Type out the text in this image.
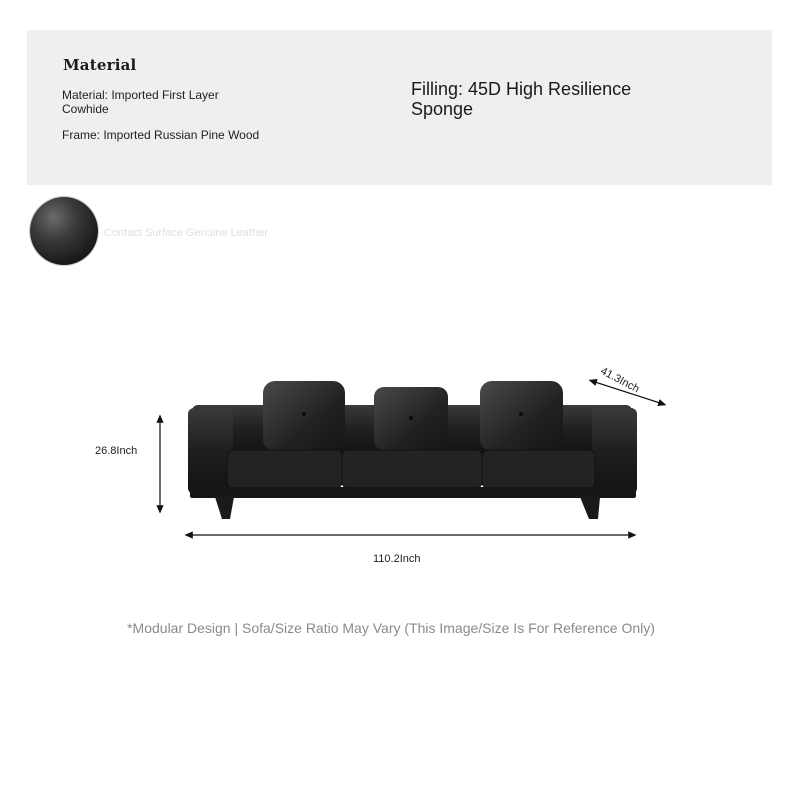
Material
Material: Imported First Layer Cowhide
Frame: Imported Russian Pine Wood
Filling: 45D High Resilience Sponge
Contact Surface Genuine Leather
26.8Inch
110.2Inch
41.3Inch
*Modular Design | Sofa/Size Ratio May Vary (This Image/Size Is For Reference Only)
